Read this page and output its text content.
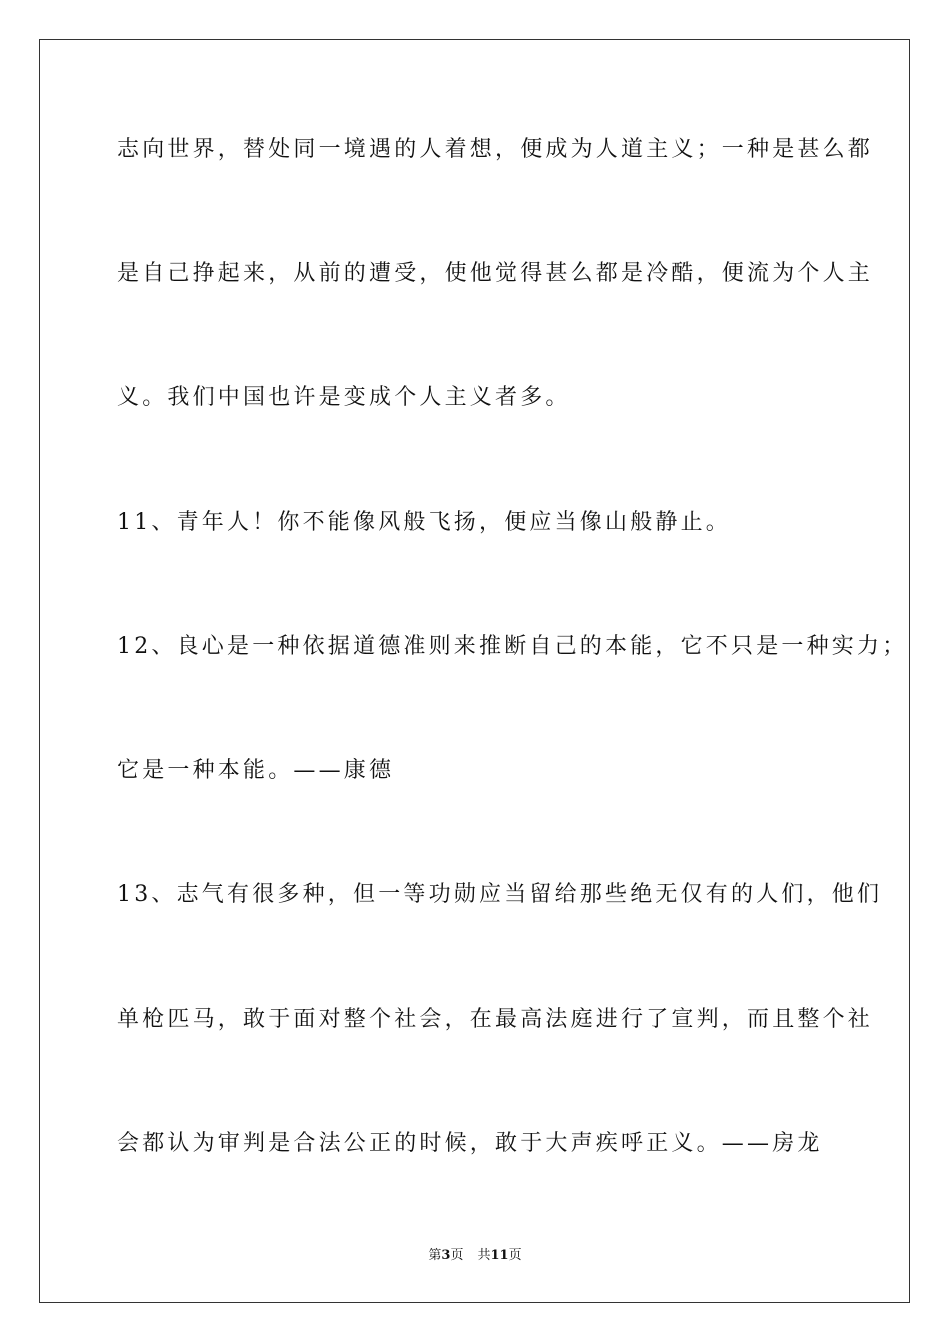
志向世界，替处同一境遇的人着想，便成为人道主义；一种是甚么都
是自己挣起来，从前的遭受，使他觉得甚么都是冷酷，便流为个人主
义。我们中国也许是变成个人主义者多。
11、青年人！你不能像风般飞扬，便应当像山般静止。
12、良心是一种依据道德准则来推断自己的本能，它不只是一种实力；
它是一种本能。——康德
13、志气有很多种，但一等功勋应当留给那些绝无仅有的人们，他们
单枪匹马，敢于面对整个社会，在最高法庭进行了宣判，而且整个社
会都认为审判是合法公正的时候，敢于大声疾呼正义。——房龙
第3页 共11页
